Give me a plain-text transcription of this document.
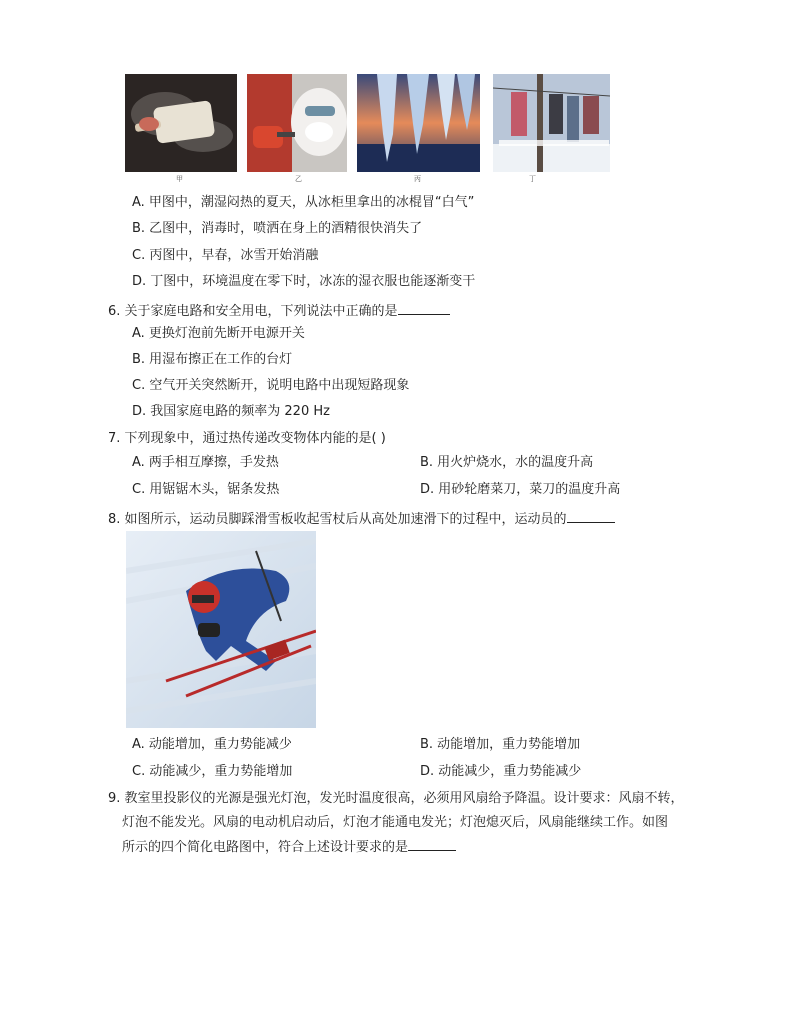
甲	乙	丙	丁
A. 甲图中，潮湿闷热的夏天，从冰柜里拿出的冰棍冒“白气”
B. 乙图中，消毒时，喷洒在身上的酒精很快消失了
C. 丙图中，早春，冰雪开始消融
D. 丁图中，环境温度在零下时，冰冻的湿衣服也能逐渐变干
6. 关于家庭电路和安全用电，下列说法中正确的是
A. 更换灯泡前先断开电源开关
B. 用湿布擦正在工作的台灯
C. 空气开关突然断开，说明电路中出现短路现象
D. 我国家庭电路的频率为 220 Hz
7. 下列现象中，通过热传递改变物体内能的是( )
A. 两手相互摩擦，手发热	B. 用火炉烧水，水的温度升高
C. 用锯锯木头，锯条发热	D. 用砂轮磨菜刀，菜刀的温度升高
8. 如图所示，运动员脚踩滑雪板收起雪杖后从高处加速滑下的过程中，运动员的
A. 动能增加，重力势能减少	B. 动能增加，重力势能增加
C. 动能减少，重力势能增加	D. 动能减少，重力势能减少
9. 教室里投影仪的光源是强光灯泡，发光时温度很高，必须用风扇给予降温。设计要求：风扇不转，
灯泡不能发光。风扇的电动机启动后，灯泡才能通电发光；灯泡熄灭后，风扇能继续工作。如图
所示的四个简化电路图中，符合上述设计要求的是
